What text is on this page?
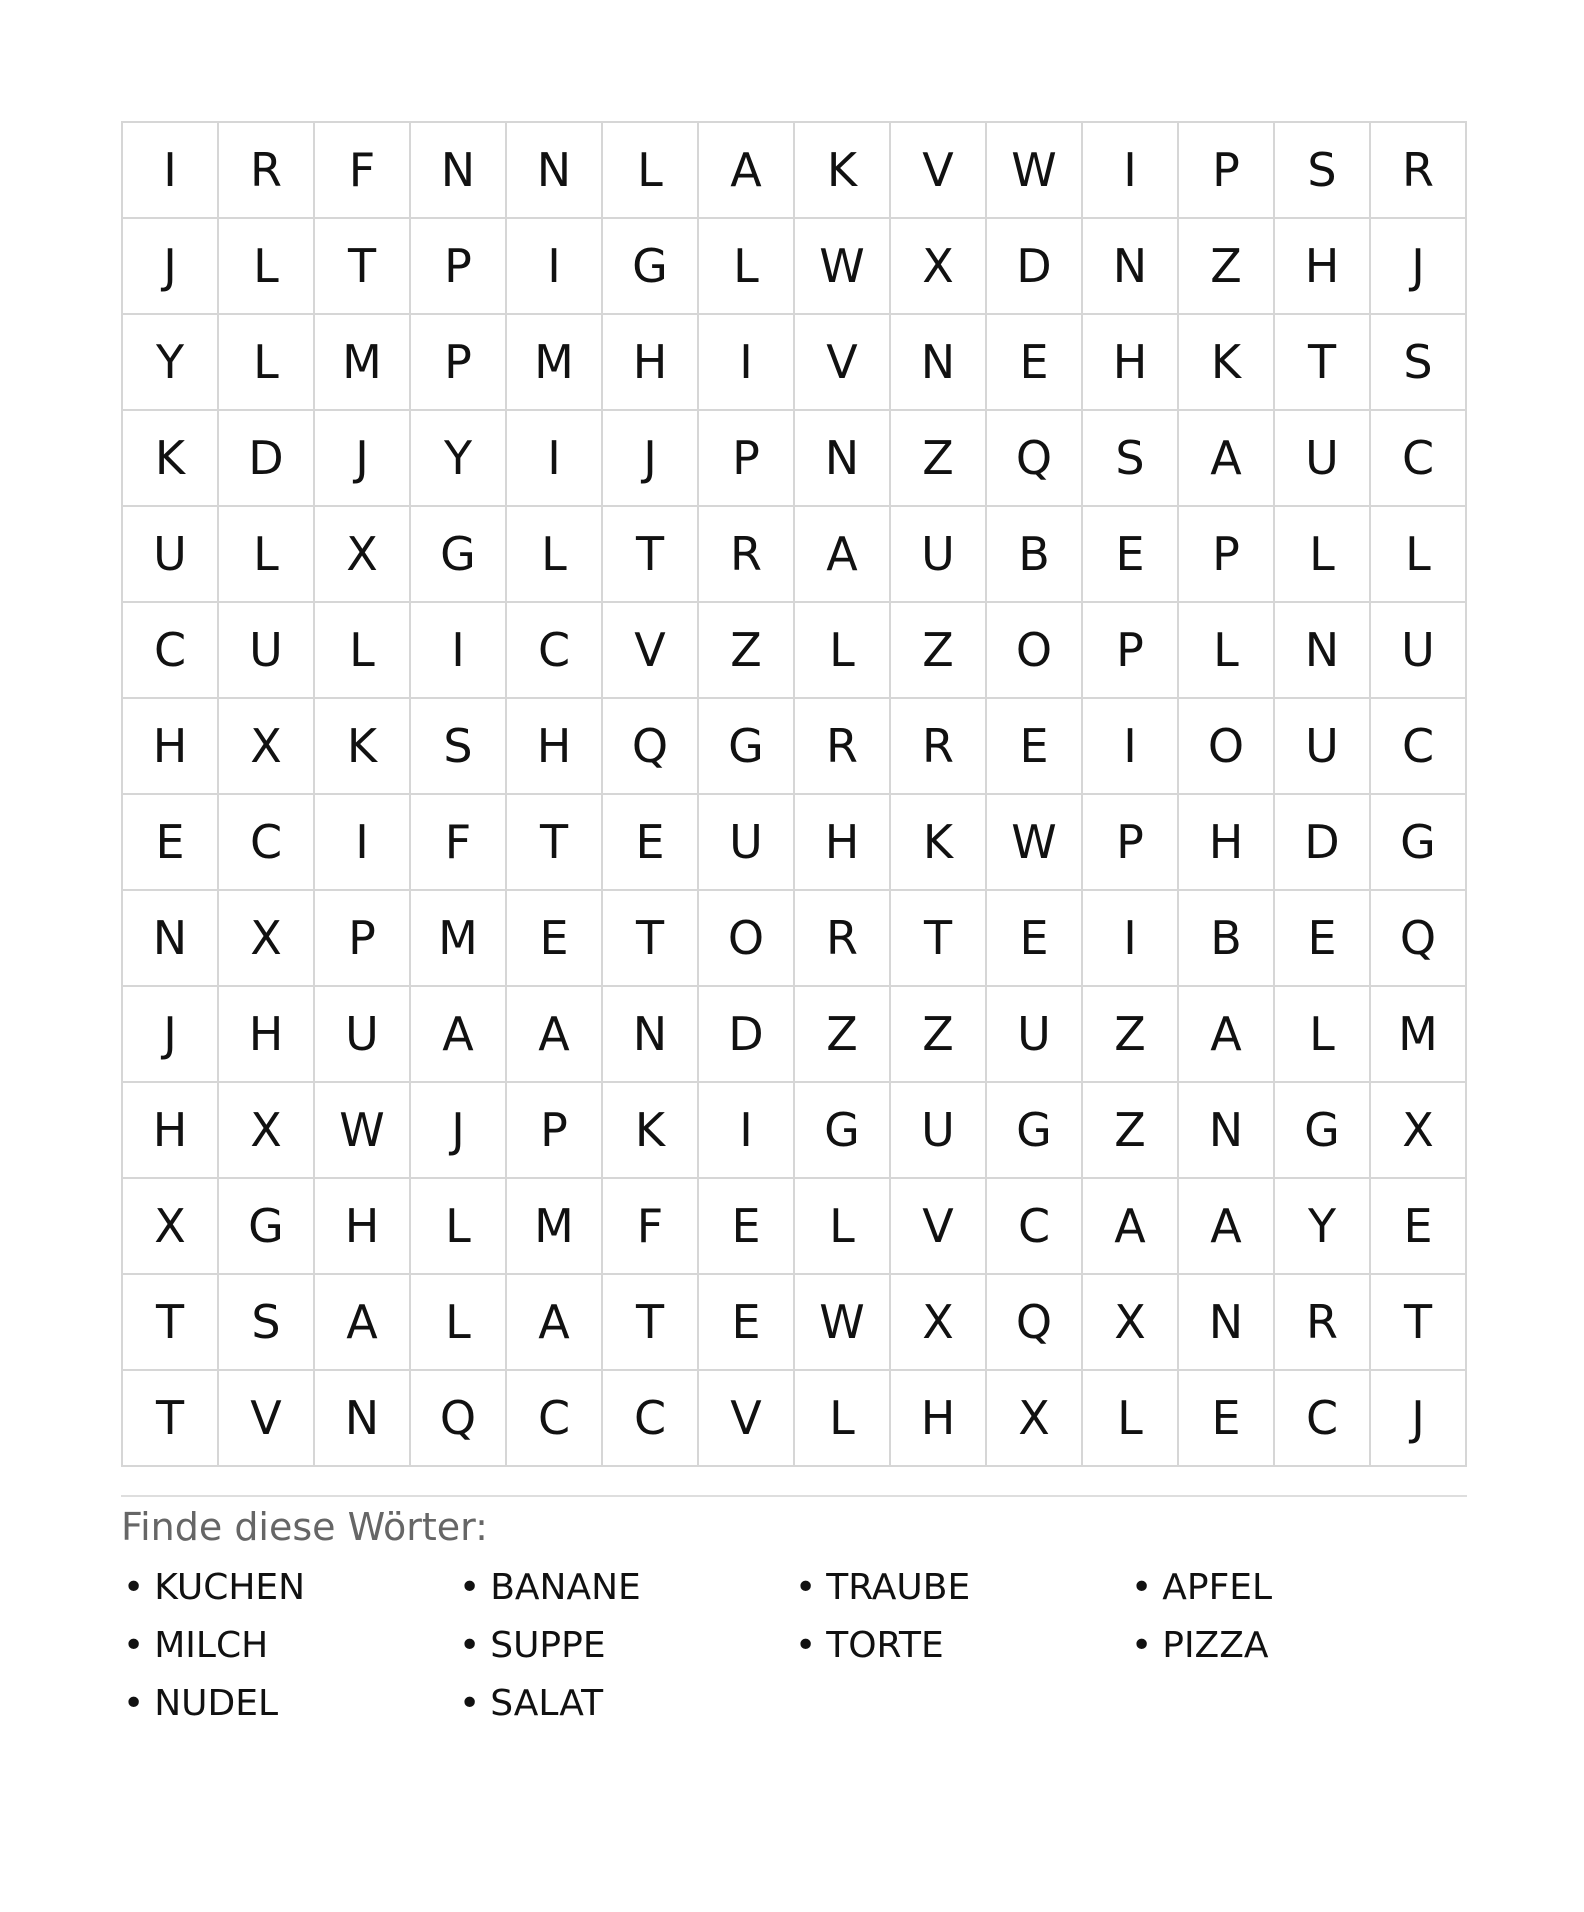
I	R	F	N	N	L	A	K	V	W	I	P	S	R
J	L	T	P	I	G	L	W	X	D	N	Z	H	J
Y	L	M	P	M	H	I	V	N	E	H	K	T	S
K	D	J	Y	I	J	P	N	Z	Q	S	A	U	C
U	L	X	G	L	T	R	A	U	B	E	P	L	L
C	U	L	I	C	V	Z	L	Z	O	P	L	N	U
H	X	K	S	H	Q	G	R	R	E	I	O	U	C
E	C	I	F	T	E	U	H	K	W	P	H	D	G
N	X	P	M	E	T	O	R	T	E	I	B	E	Q
J	H	U	A	A	N	D	Z	Z	U	Z	A	L	M
H	X	W	J	P	K	I	G	U	G	Z	N	G	X
X	G	H	L	M	F	E	L	V	C	A	A	Y	E
T	S	A	L	A	T	E	W	X	Q	X	N	R	T
T	V	N	Q	C	C	V	L	H	X	L	E	C	J
Finde diese Wörter:
• KUCHEN	• BANANE	• TRAUBE	• APFEL
• MILCH	• SUPPE	• TORTE	• PIZZA
• NUDEL	• SALAT
